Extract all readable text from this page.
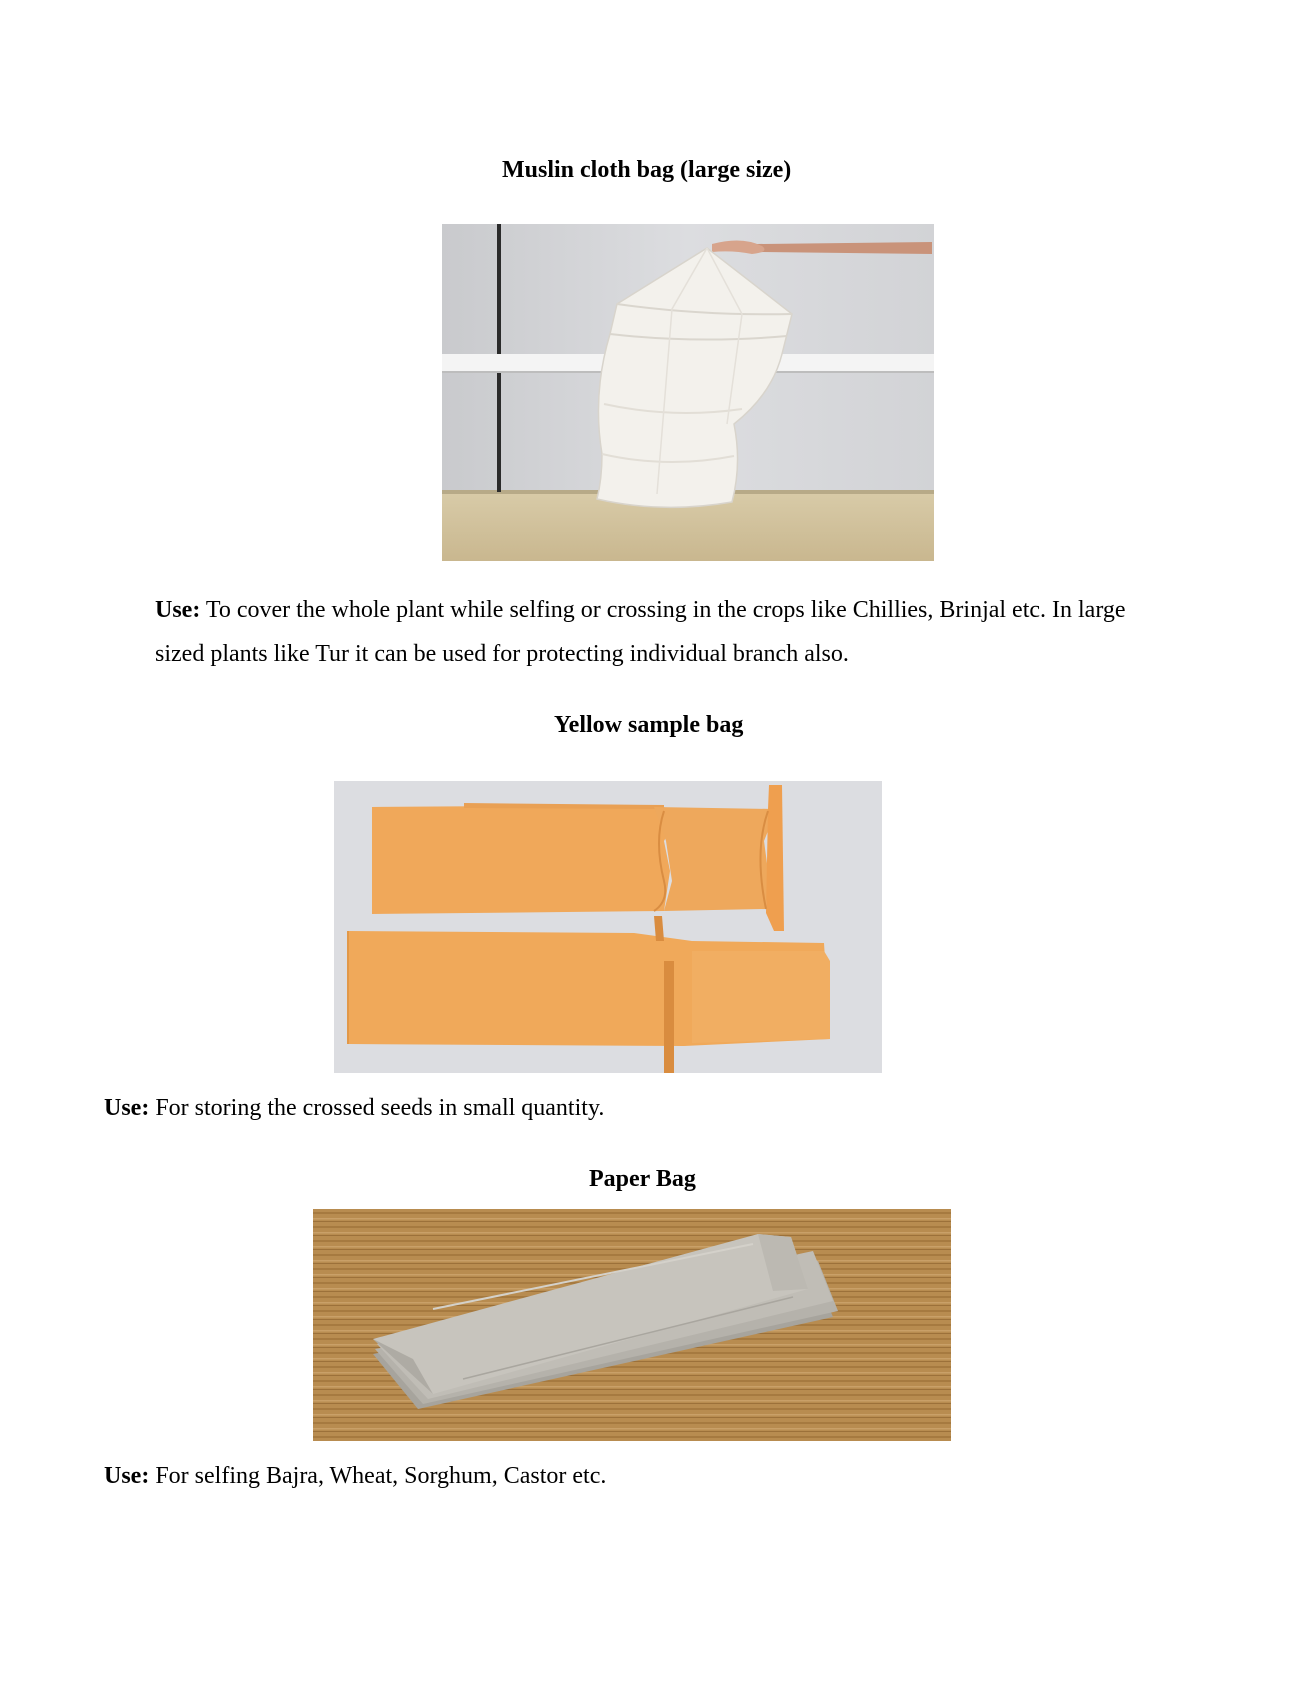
Muslin cloth bag (large size)
Use: To cover the whole plant while selfing or crossing in the crops like Chillies, Brinjal etc. In large sized plants like Tur it can be used for protecting individual branch also.
Yellow sample bag
Use: For storing the crossed seeds in small quantity.
Paper Bag
Use: For selfing Bajra, Wheat, Sorghum, Castor etc.
